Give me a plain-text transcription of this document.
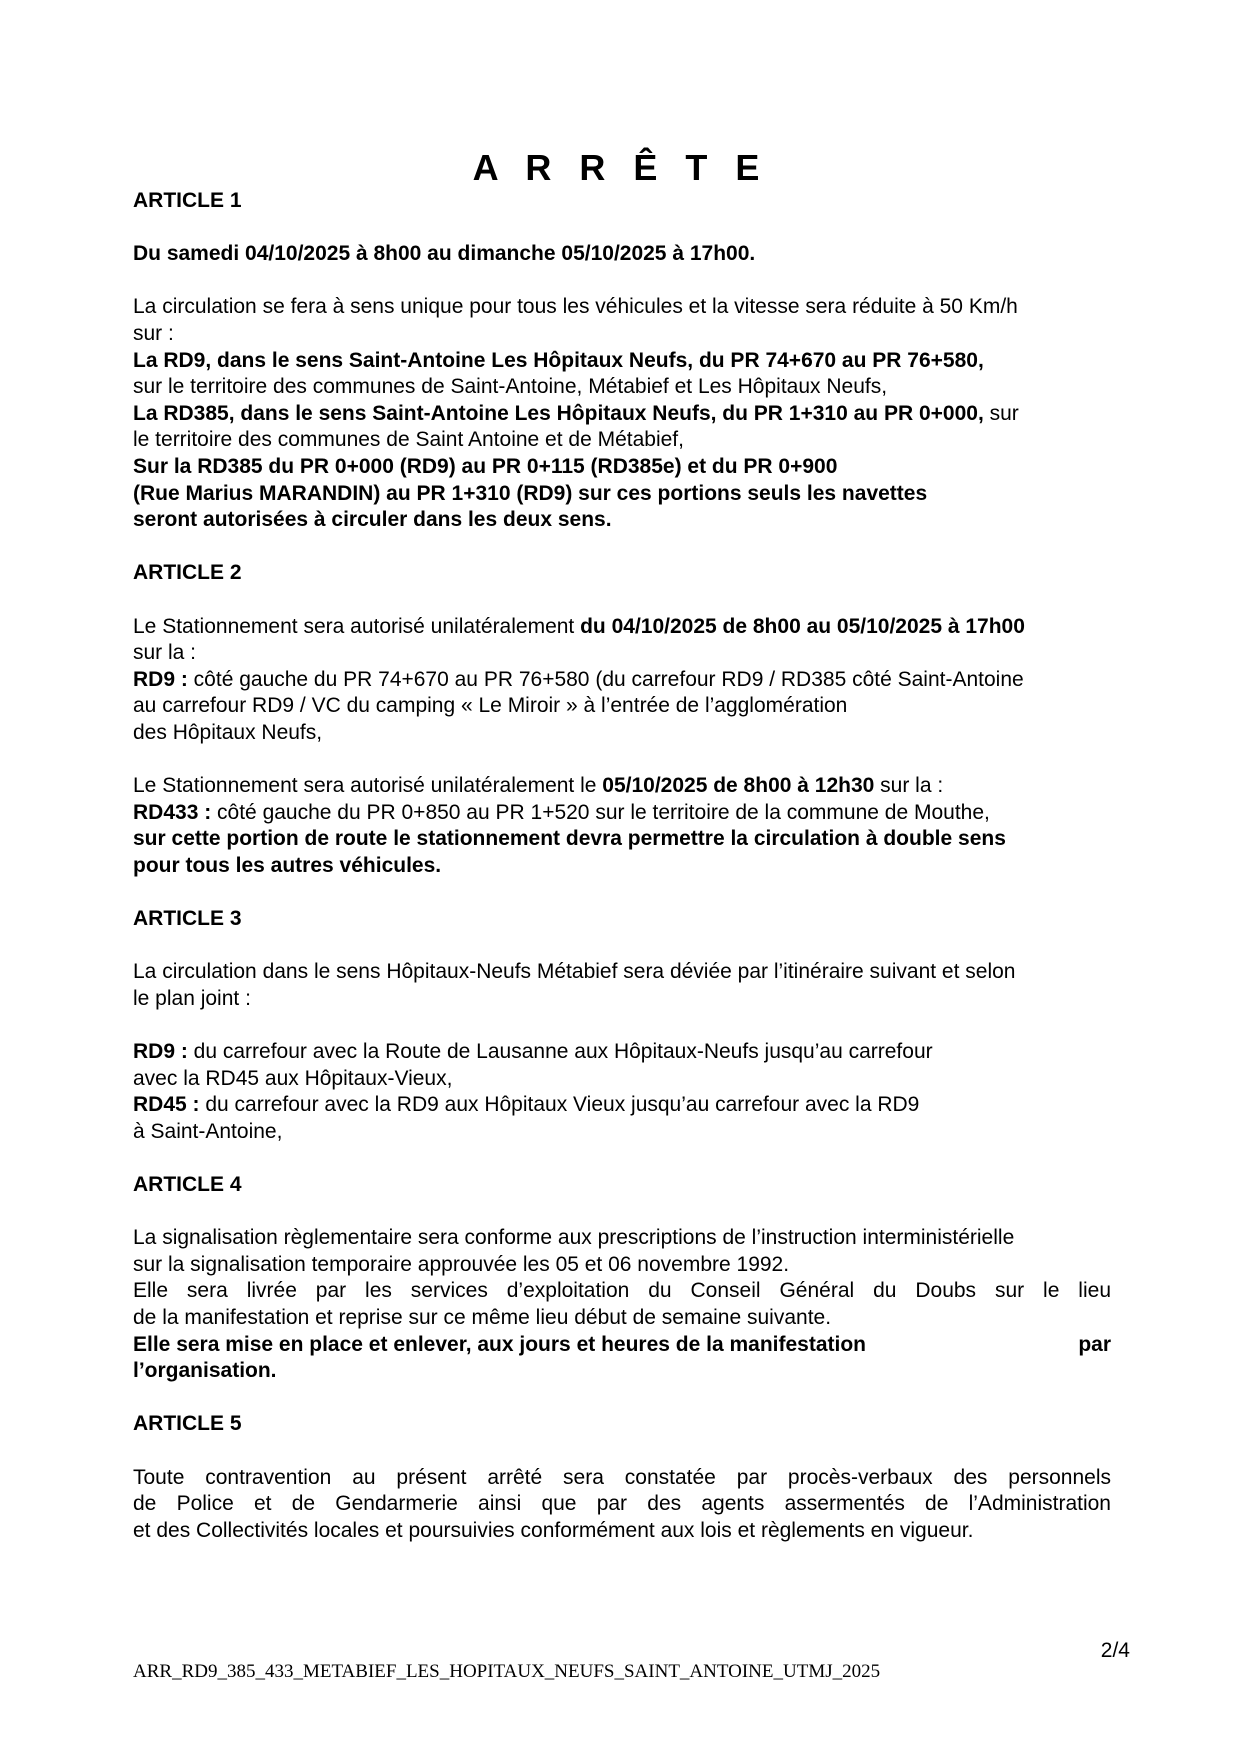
A R R Ê T E

ARTICLE 1

Du samedi 04/10/2025 à 8h00 au dimanche 05/10/2025 à 17h00.

La circulation se fera à sens unique pour tous les véhicules et la vitesse sera réduite à 50 Km/h

sur :

La RD9, dans le sens Saint-Antoine Les Hôpitaux Neufs, du PR 74+670 au PR 76+580,

sur le territoire des communes de Saint-Antoine, Métabief et Les Hôpitaux Neufs,

La RD385, dans le sens Saint-Antoine Les Hôpitaux Neufs, du PR 1+310 au PR 0+000, sur

le territoire des communes de Saint Antoine et de Métabief,

Sur la RD385 du PR 0+000 (RD9) au PR 0+115 (RD385e) et du PR 0+900

(Rue Marius MARANDIN) au PR 1+310 (RD9) sur ces portions seuls les navettes

seront autorisées à circuler dans les deux sens.

ARTICLE 2

Le Stationnement sera autorisé unilatéralement du 04/10/2025 de 8h00 au 05/10/2025 à 17h00

sur la :

RD9 : côté gauche du PR 74+670 au PR 76+580 (du carrefour RD9 / RD385 côté Saint-Antoine

au carrefour RD9 / VC du camping « Le Miroir » à l’entrée de l’agglomération

des Hôpitaux Neufs,

Le Stationnement sera autorisé unilatéralement le 05/10/2025 de 8h00 à 12h30 sur la :

RD433 : côté gauche du PR 0+850 au PR 1+520 sur le territoire de la commune de Mouthe,

sur cette portion de route le stationnement devra permettre la circulation à double sens

pour tous les autres véhicules.

ARTICLE 3

La circulation dans le sens Hôpitaux-Neufs Métabief sera déviée par l’itinéraire suivant et selon

le plan joint :

RD9 : du carrefour avec la Route de Lausanne aux Hôpitaux-Neufs jusqu’au carrefour

avec la RD45 aux Hôpitaux-Vieux,

RD45 : du carrefour avec la RD9 aux Hôpitaux Vieux jusqu’au carrefour avec la RD9

à Saint-Antoine,

ARTICLE 4

La signalisation règlementaire sera conforme aux prescriptions de l’instruction interministérielle

sur la signalisation temporaire approuvée les 05 et 06 novembre 1992.

Elle sera livrée par les services d’exploitation du Conseil Général du Doubs sur le lieu

de la manifestation et reprise sur ce même lieu début de semaine suivante.

Elle sera mise en place et enlever, aux jours et heures de la manifestation	par

l’organisation.

ARTICLE 5

Toute contravention au présent arrêté sera constatée par procès-verbaux des personnels

de Police et de Gendarmerie ainsi que par des agents assermentés de l’Administration

et des Collectivités locales et poursuivies conformément aux lois et règlements en vigueur.

2/4
ARR_RD9_385_433_METABIEF_LES_HOPITAUX_NEUFS_SAINT_ANTOINE_UTMJ_2025
